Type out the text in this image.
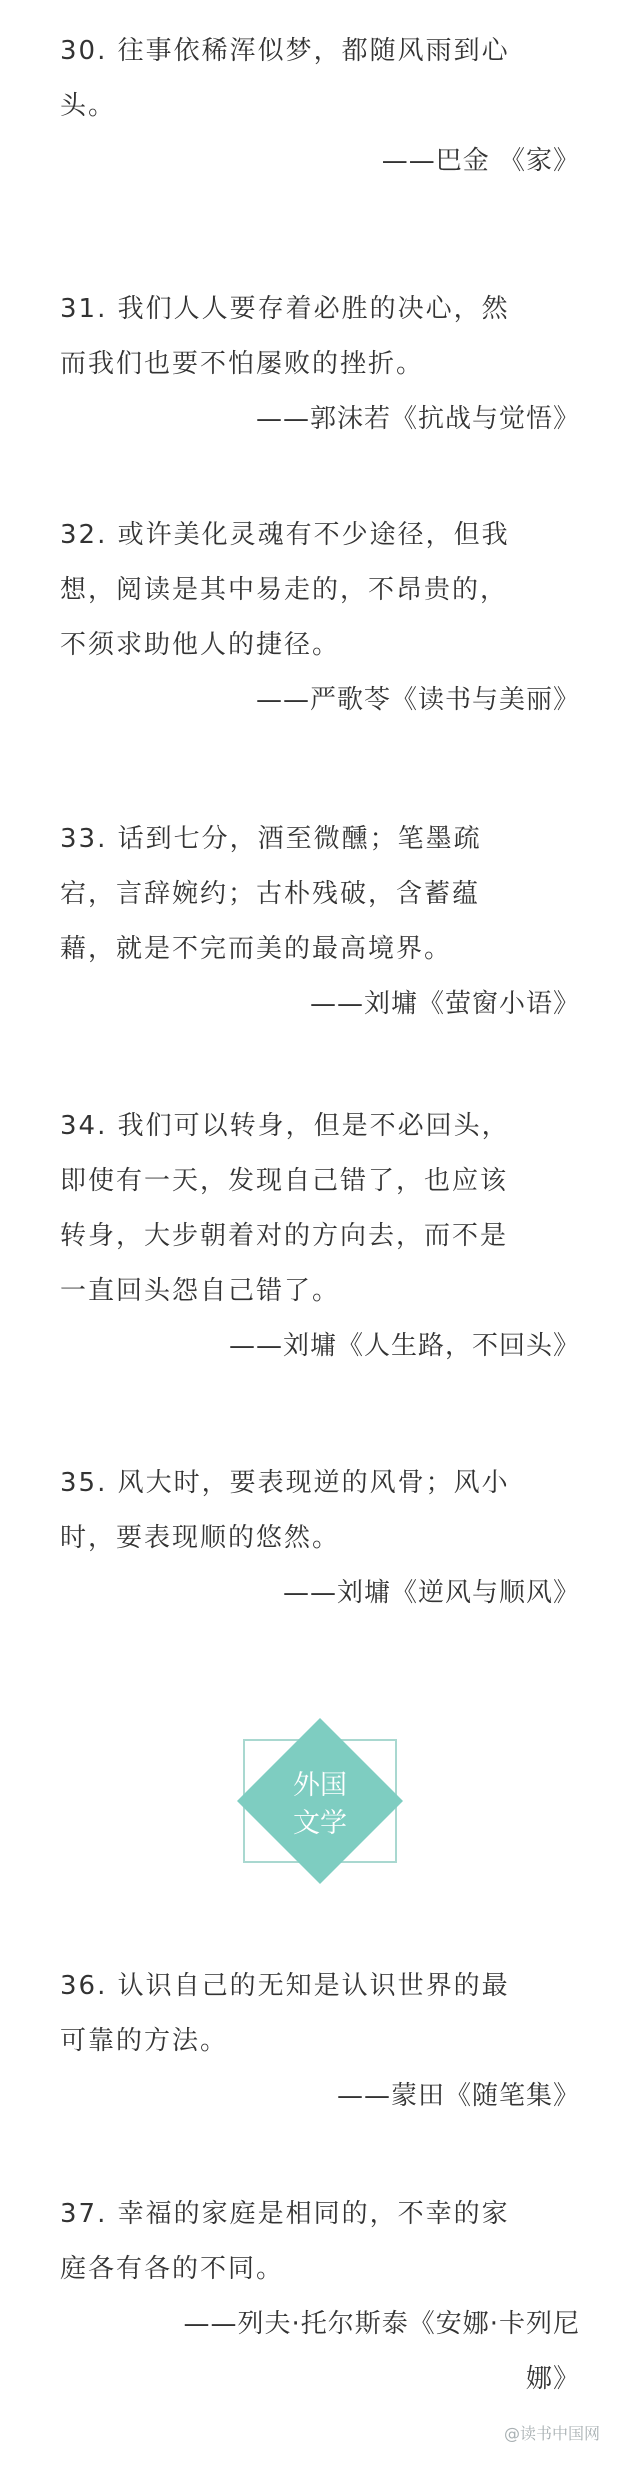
30. 往事依稀浑似梦，都随风雨到心
头。
——巴金 《家》
31. 我们人人要存着必胜的决心，然
而我们也要不怕屡败的挫折。
——郭沫若《抗战与觉悟》
32. 或许美化灵魂有不少途径，但我
想，阅读是其中易走的，不昂贵的，
不须求助他人的捷径。
——严歌苓《读书与美丽》
33. 话到七分，酒至微醺；笔墨疏
宕，言辞婉约；古朴残破，含蓄蕴
藉，就是不完而美的最高境界。
——刘墉《萤窗小语》
34. 我们可以转身，但是不必回头，
即使有一天，发现自己错了，也应该
转身，大步朝着对的方向去，而不是
一直回头怨自己错了。
——刘墉《人生路，不回头》
35. 风大时，要表现逆的风骨；风小
时，要表现顺的悠然。
——刘墉《逆风与顺风》
外国
文学
36. 认识自己的无知是认识世界的最
可靠的方法。
——蒙田《随笔集》
37. 幸福的家庭是相同的，不幸的家
庭各有各的不同。
——列夫·托尔斯泰《安娜·卡列尼
娜》
@读书中国网
